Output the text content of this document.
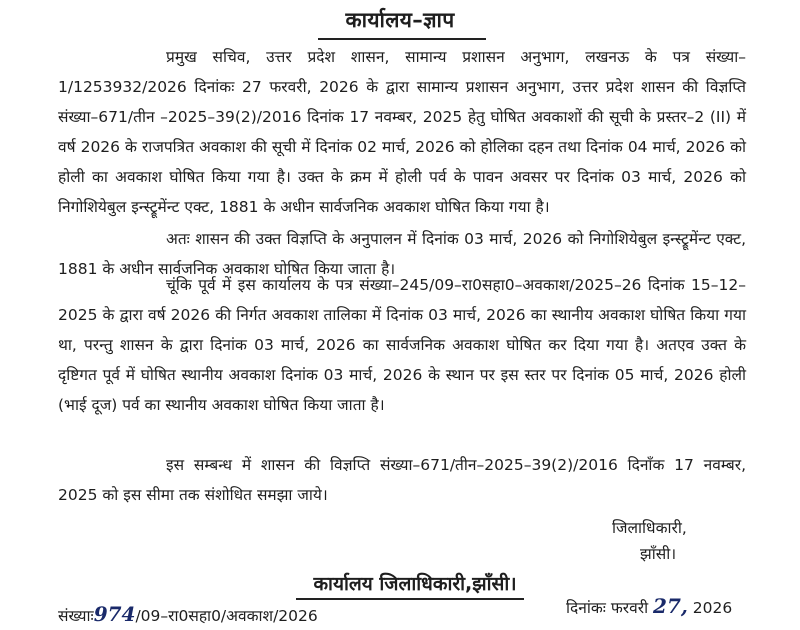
कार्यालय–ज्ञाप

प्रमुख सचिव, उत्तर प्रदेश शासन, सामान्य प्रशासन अनुभाग, लखनऊ के पत्र संख्या–1/1253932/2026 दिनांकः 27 फरवरी, 2026 के द्वारा सामान्य प्रशासन अनुभाग, उत्तर प्रदेश शासन की विज्ञप्ति संख्या–671/तीन –2025–39(2)/2016 दिनांक 17 नवम्बर, 2025 हेतु घोषित अवकाशों की सूची के प्रस्तर–2 (II) में वर्ष 2026 के राजपत्रित अवकाश की सूची में दिनांक 02 मार्च, 2026 को होलिका दहन तथा दिनांक 04 मार्च, 2026 को होली का अवकाश घोषित किया गया है। उक्त के क्रम में होली पर्व के पावन अवसर पर दिनांक 03 मार्च, 2026 को निगोशियेबुल इन्स्ट्रूमेंन्ट एक्ट, 1881 के अधीन सार्वजनिक अवकाश घोषित किया गया है।

अतः शासन की उक्त विज्ञप्ति के अनुपालन में दिनांक 03 मार्च, 2026 को निगोशियेबुल इन्स्ट्रूमेंन्ट एक्ट, 1881 के अधीन सार्वजनिक अवकाश घोषित किया जाता है।

चूंकि पूर्व में इस कार्यालय के पत्र संख्या–245/09–रा0सहा0–अवकाश/2025–26 दिनांक 15–12–2025 के द्वारा वर्ष 2026 की निर्गत अवकाश तालिका में दिनांक 03 मार्च, 2026 का स्थानीय अवकाश घोषित किया गया था, परन्तु शासन के द्वारा दिनांक 03 मार्च, 2026 का सार्वजनिक अवकाश घोषित कर दिया गया है। अतएव उक्त के दृष्टिगत पूर्व में घोषित स्थानीय अवकाश दिनांक 03 मार्च, 2026 के स्थान पर इस स्तर पर दिनांक 05 मार्च, 2026 होली (भाई दूज) पर्व का स्थानीय अवकाश घोषित किया जाता है।

इस सम्बन्ध में शासन की विज्ञप्ति संख्या–671/तीन–2025–39(2)/2016 दिनाँक 17 नवम्बर, 2025 को इस सीमा तक संशोधित समझा जाये।

जिलाधिकारी,
झाँसी।
कार्यालय जिलाधिकारी,झाँसी।
संख्याः974/09–रा0सहा0/अवकाश/2026	दिनांकः फरवरी 27, 2026
